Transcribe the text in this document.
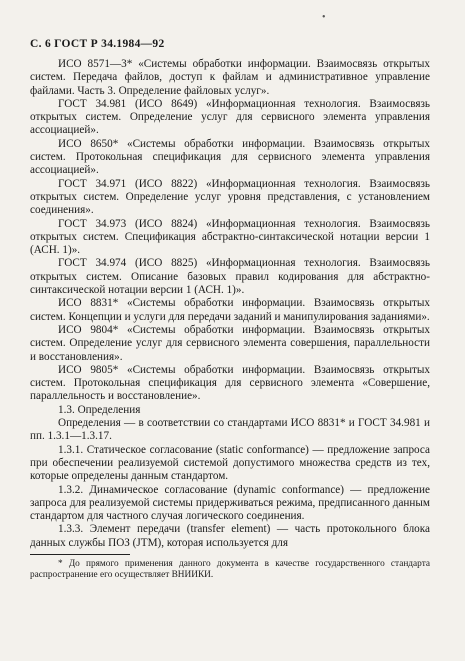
•
С. 6 ГОСТ Р 34.1984—92

ИСО 8571—3* «Системы обработки информации. Взаимосвязь открытых систем. Передача файлов, доступ к файлам и административное управление файлами. Часть 3. Определение файловых услуг».

ГОСТ 34.981 (ИСО 8649) «Информационная технология. Взаимосвязь открытых систем. Определение услуг для сервисного элемента управления ассоциацией».

ИСО 8650* «Системы обработки информации. Взаимосвязь открытых систем. Протокольная спецификация для сервисного элемента управления ассоциацией».

ГОСТ 34.971 (ИСО 8822) «Информационная технология. Взаимосвязь открытых систем. Определение услуг уровня представления, с установлением соединения».

ГОСТ 34.973 (ИСО 8824) «Информационная технология. Взаимосвязь открытых систем. Спецификация абстрактно-синтаксической нотации версии 1 (АСН. 1)».

ГОСТ 34.974 (ИСО 8825) «Информационная технология. Взаимосвязь открытых систем. Описание базовых правил кодирования для абстрактно-синтаксической нотации версии 1 (АСН. 1)».

ИСО 8831* «Системы обработки информации. Взаимосвязь открытых систем. Концепции и услуги для передачи заданий и манипулирования заданиями».

ИСО 9804* «Системы обработки информации. Взаимосвязь открытых систем. Определение услуг для сервисного элемента совершения, параллельности и восстановления».

ИСО 9805* «Системы обработки информации. Взаимосвязь открытых систем. Протокольная спецификация для сервисного элемента «Совершение, параллельность и восстановление».

1.3. Определения

Определения — в соответствии со стандартами ИСО 8831* и ГОСТ 34.981 и пп. 1.3.1—1.3.17.

1.3.1. Статическое согласование (static conformance) — предложение запроса при обеспечении реализуемой системой допустимого множества средств из тех, которые определены данным стандартом.

1.3.2. Динамическое согласование (dynamic conformance) — предложение запроса для реализуемой системы придерживаться режима, предписанного данным стандартом для частного случая логического соединения.

1.3.3. Элемент передачи (transfer element) — часть протокольного блока данных службы ПОЗ (JTM), которая используется для

* До прямого применения данного документа в качестве государственного стандарта распространение его осуществляет ВНИИКИ.
